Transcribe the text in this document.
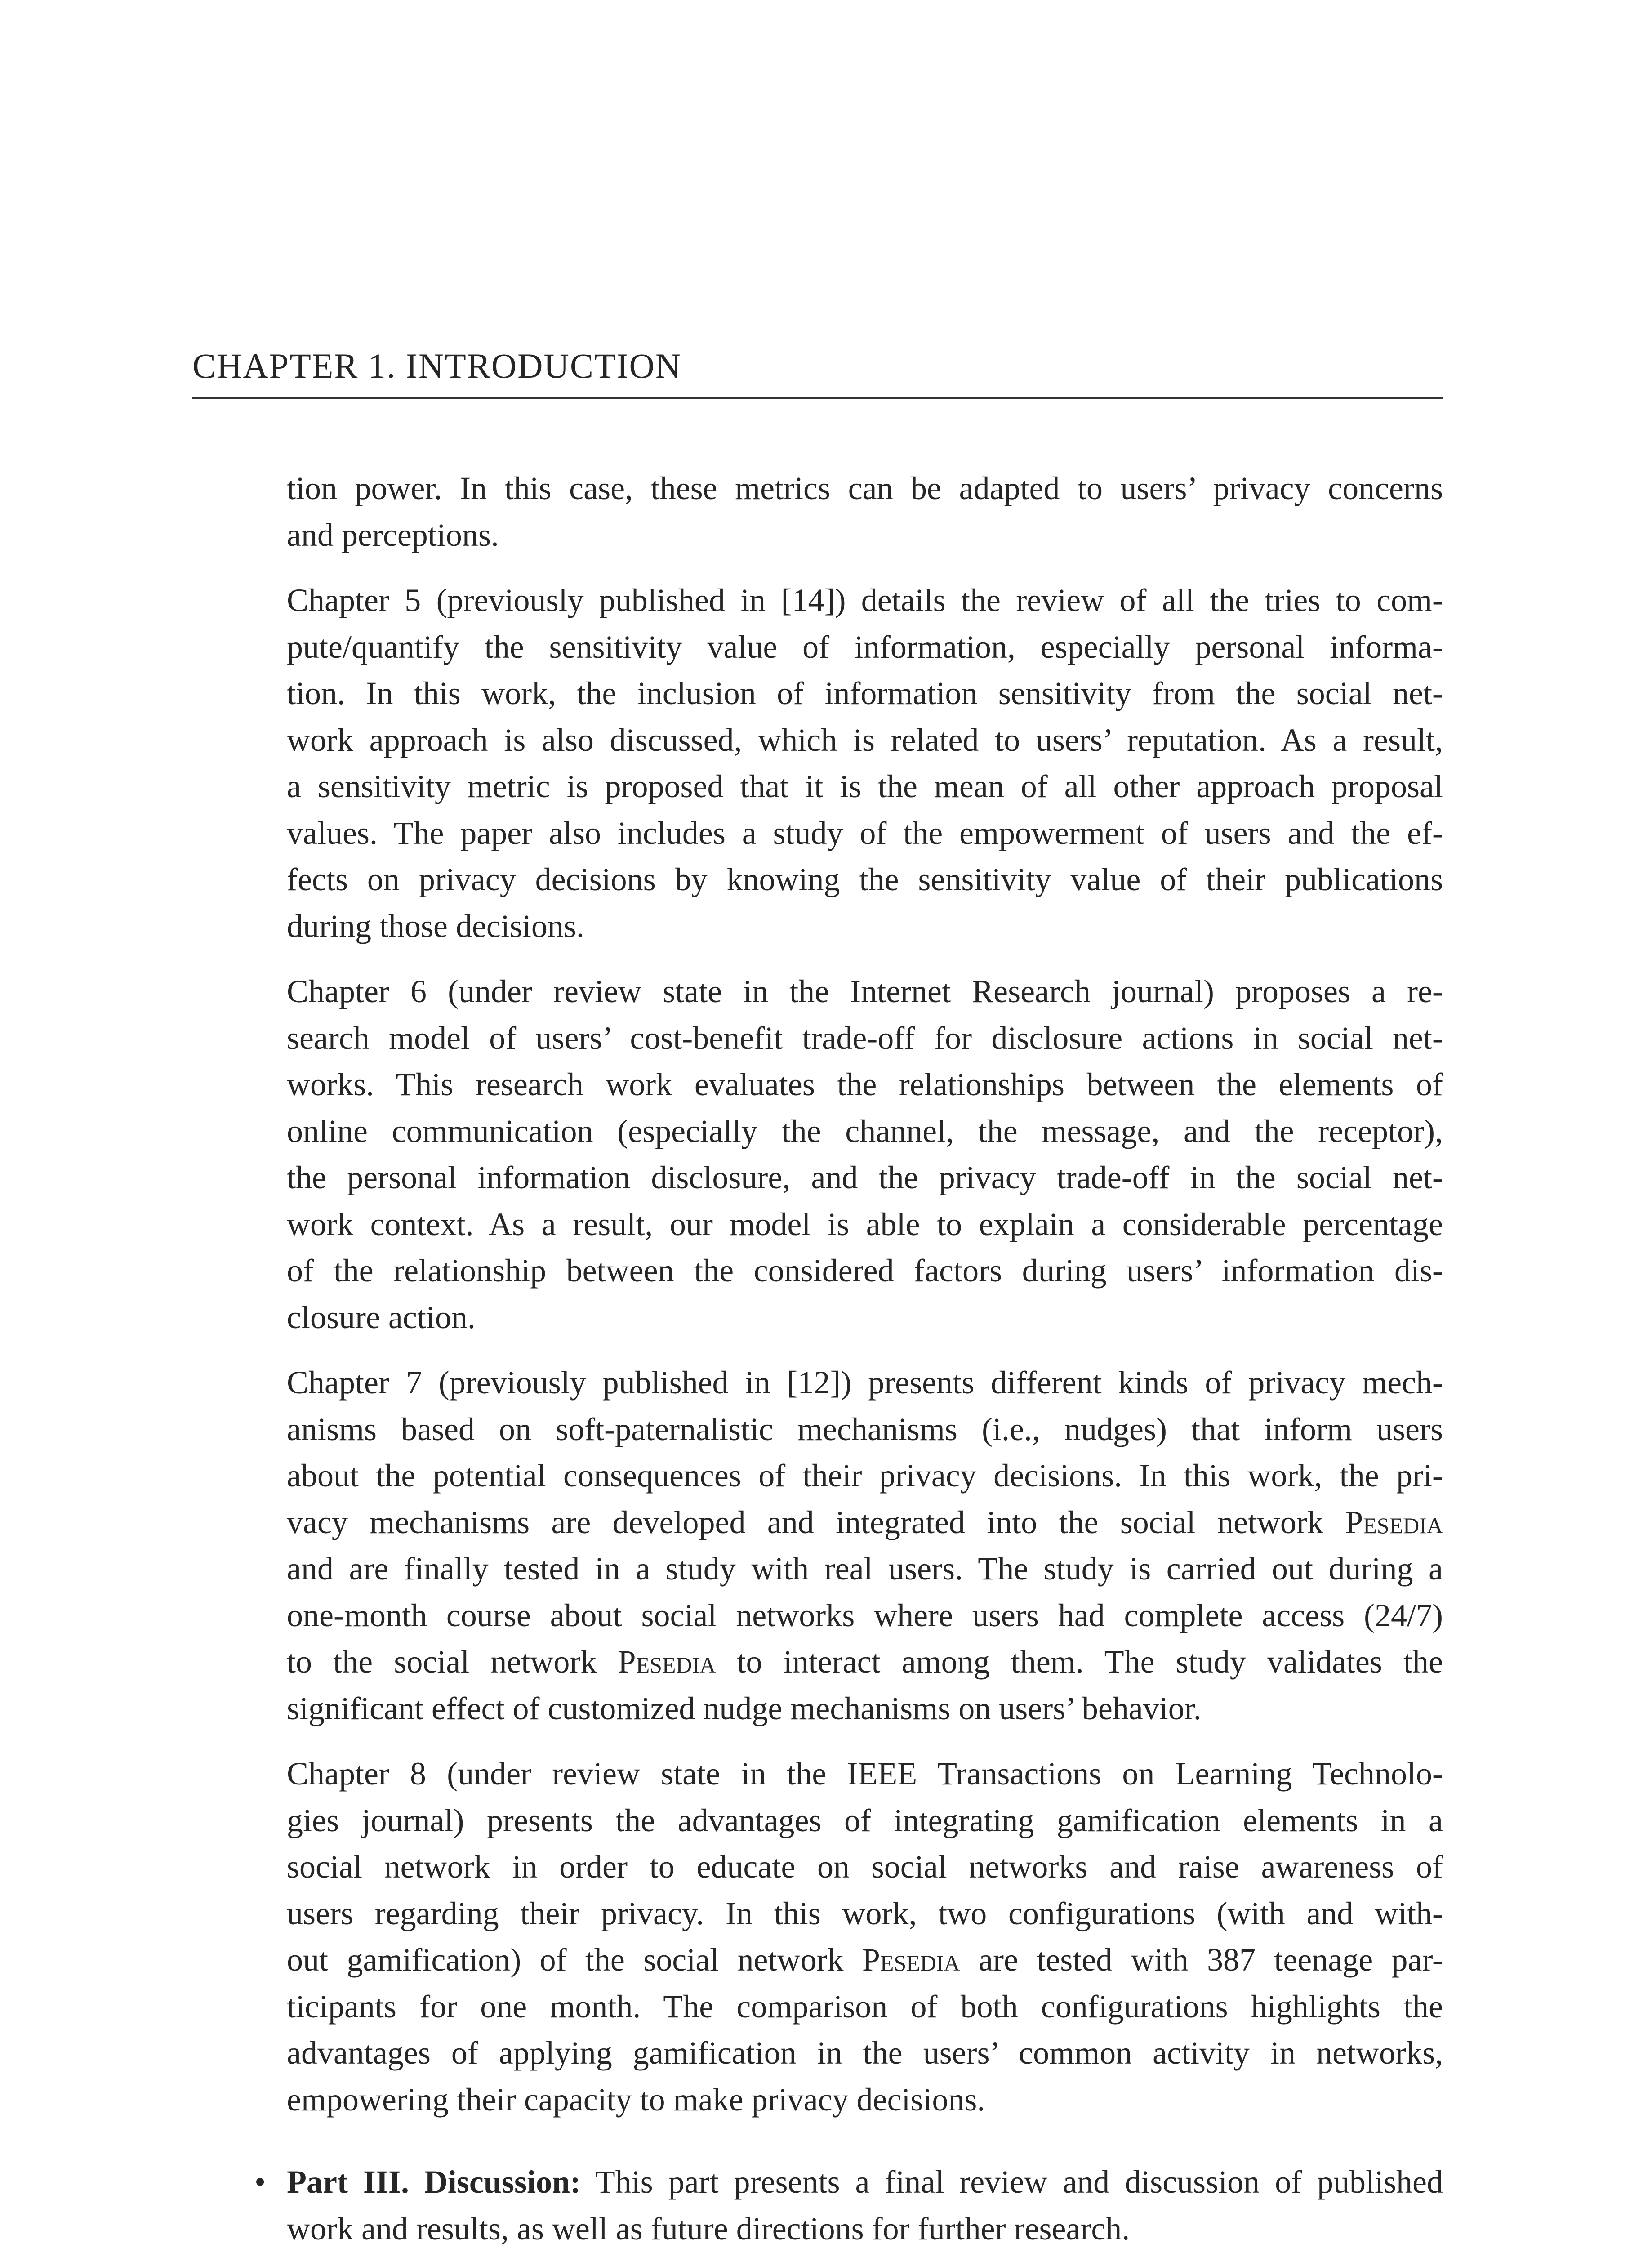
CHAPTER 1. INTRODUCTION
tion power. In this case, these metrics can be adapted to users’ privacy concerns
and perceptions.
Chapter 5 (previously published in [14]) details the review of all the tries to com-
pute/quantify the sensitivity value of information, especially personal informa-
tion. In this work, the inclusion of information sensitivity from the social net-
work approach is also discussed, which is related to users’ reputation. As a result,
a sensitivity metric is proposed that it is the mean of all other approach proposal
values. The paper also includes a study of the empowerment of users and the ef-
fects on privacy decisions by knowing the sensitivity value of their publications
during those decisions.
Chapter 6 (under review state in the Internet Research journal) proposes a re-
search model of users’ cost-benefit trade-off for disclosure actions in social net-
works. This research work evaluates the relationships between the elements of
online communication (especially the channel, the message, and the receptor),
the personal information disclosure, and the privacy trade-off in the social net-
work context. As a result, our model is able to explain a considerable percentage
of the relationship between the considered factors during users’ information dis-
closure action.
Chapter 7 (previously published in [12]) presents different kinds of privacy mech-
anisms based on soft-paternalistic mechanisms (i.e., nudges) that inform users
about the potential consequences of their privacy decisions. In this work, the pri-
vacy mechanisms are developed and integrated into the social network Pesedia
and are finally tested in a study with real users. The study is carried out during a
one-month course about social networks where users had complete access (24/7)
to the social network Pesedia to interact among them. The study validates the
significant effect of customized nudge mechanisms on users’ behavior.
Chapter 8 (under review state in the IEEE Transactions on Learning Technolo-
gies journal) presents the advantages of integrating gamification elements in a
social network in order to educate on social networks and raise awareness of
users regarding their privacy. In this work, two configurations (with and with-
out gamification) of the social network Pesedia are tested with 387 teenage par-
ticipants for one month. The comparison of both configurations highlights the
advantages of applying gamification in the users’ common activity in networks,
empowering their capacity to make privacy decisions.
• Part III. Discussion: This part presents a final review and discussion of published
work and results, as well as future directions for further research.
